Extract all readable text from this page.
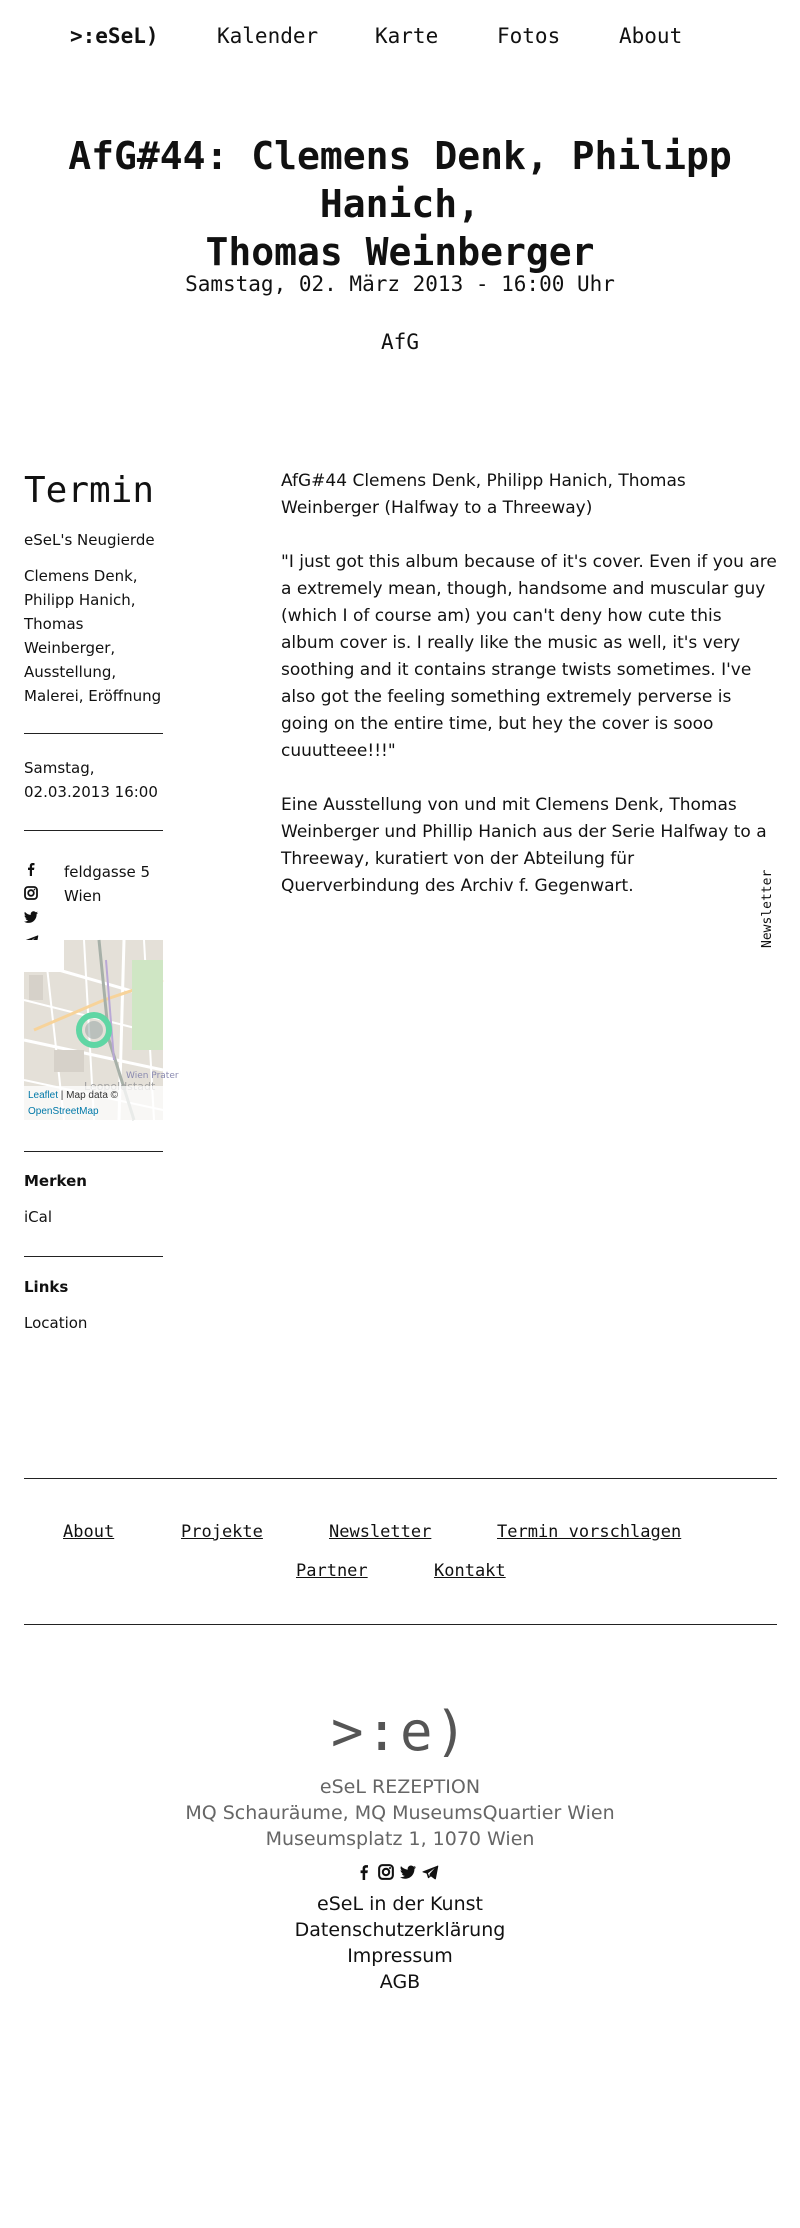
>:eSeL)	Kalender	Karte	Fotos	About
AfG#44: Clemens Denk, Philipp Hanich,
Thomas Weinberger
Samstag, 02. März 2013 - 16:00 Uhr
AfG
Termin
eSeL's Neugierde
Clemens Denk,
Philipp Hanich,
Thomas
Weinberger,
Ausstellung,
Malerei, Eröffnung
Samstag,
02.03.2013 16:00
feldgasse 5
Wien
Wien Prater
Leaflet | Map data ©
OpenStreetMap
Merken
iCal
Links
Location

AfG#44 Clemens Denk, Philipp Hanich, Thomas Weinberger (Halfway to a Threeway)

"I just got this album because of it's cover. Even if you are a extremely mean, though, handsome and muscular guy (which I of course am) you can't deny how cute this album cover is. I really like the music as well, it's very soothing and it contains strange twists sometimes. I've also got the feeling something extremely perverse is going on the entire time, but hey the cover is sooo cuuutteee!!!"

Eine Ausstellung von und mit Clemens Denk, Thomas Weinberger und Phillip Hanich aus der Serie Halfway to a Threeway, kuratiert von der Abteilung für Querverbindung des Archiv f. Gegenwart.	Newsletter
About	Projekte	Newsletter	Termin vorschlagen
Partner	Kontakt
>:e)
eSeL REZEPTION
MQ Schauräume, MQ MuseumsQuartier Wien
Museumsplatz 1, 1070 Wien
eSeL in der Kunst
Datenschutzerklärung
Impressum
AGB
